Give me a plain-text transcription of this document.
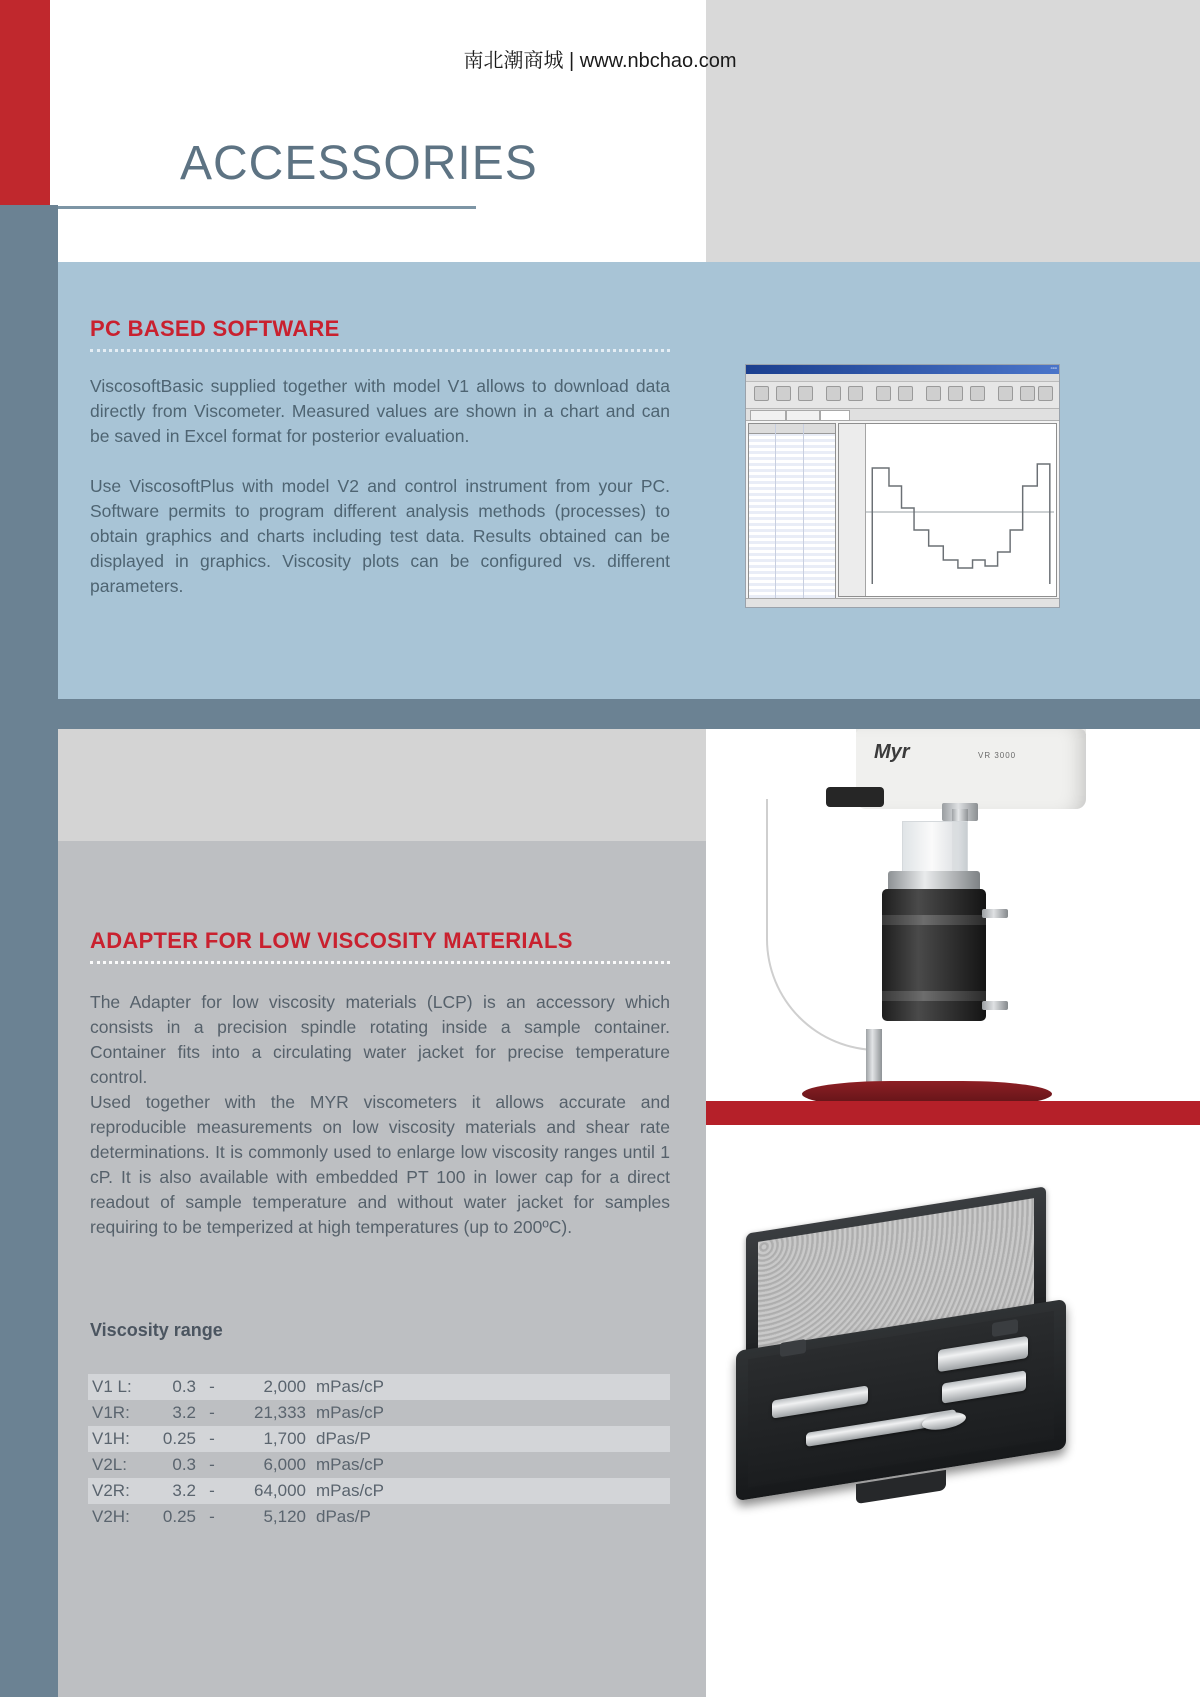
南北潮商城 | www.nbchao.com
ACCESSORIES
PC BASED SOFTWARE

ViscosoftBasic supplied together with model V1 allows to download data directly from Viscometer. Measured values are shown in a chart and can be saved in Excel format for posterior evaluation.

Use ViscosoftPlus with model V2 and control instrument from your PC. Software permits to program different analysis methods (processes) to obtain graphics and charts including test data. Results obtained can be displayed in graphics. Viscosity plots can be configured vs. different parameters.

▫▫▫
Myr	VR 3000
ADAPTER FOR LOW VISCOSITY MATERIALS

The Adapter for low viscosity materials (LCP) is an accessory which consists in a precision spindle rotating inside a sample container. Container fits into a circulating water jacket for precise temperature control.

Used together with the MYR viscometers it allows accurate and reproducible measurements on low viscosity materials and shear rate determinations. It is commonly used to enlarge low viscosity ranges until 1 cP. It is also available with embedded PT 100 in lower cap for a direct readout of sample temperature and without water jacket for samples requiring to be temperized at high temperatures (up to 200ºC).

Viscosity range
V1 L:	0.3 -	2,000 mPas/cP
V1R:	3.2 -	21,333 mPas/cP
V1H:	0.25 -	1,700 dPas/P
V2L:	0.3 -	6,000 mPas/cP
V2R:	3.2 -	64,000 mPas/cP
V2H:	0.25 -	5,120 dPas/P
